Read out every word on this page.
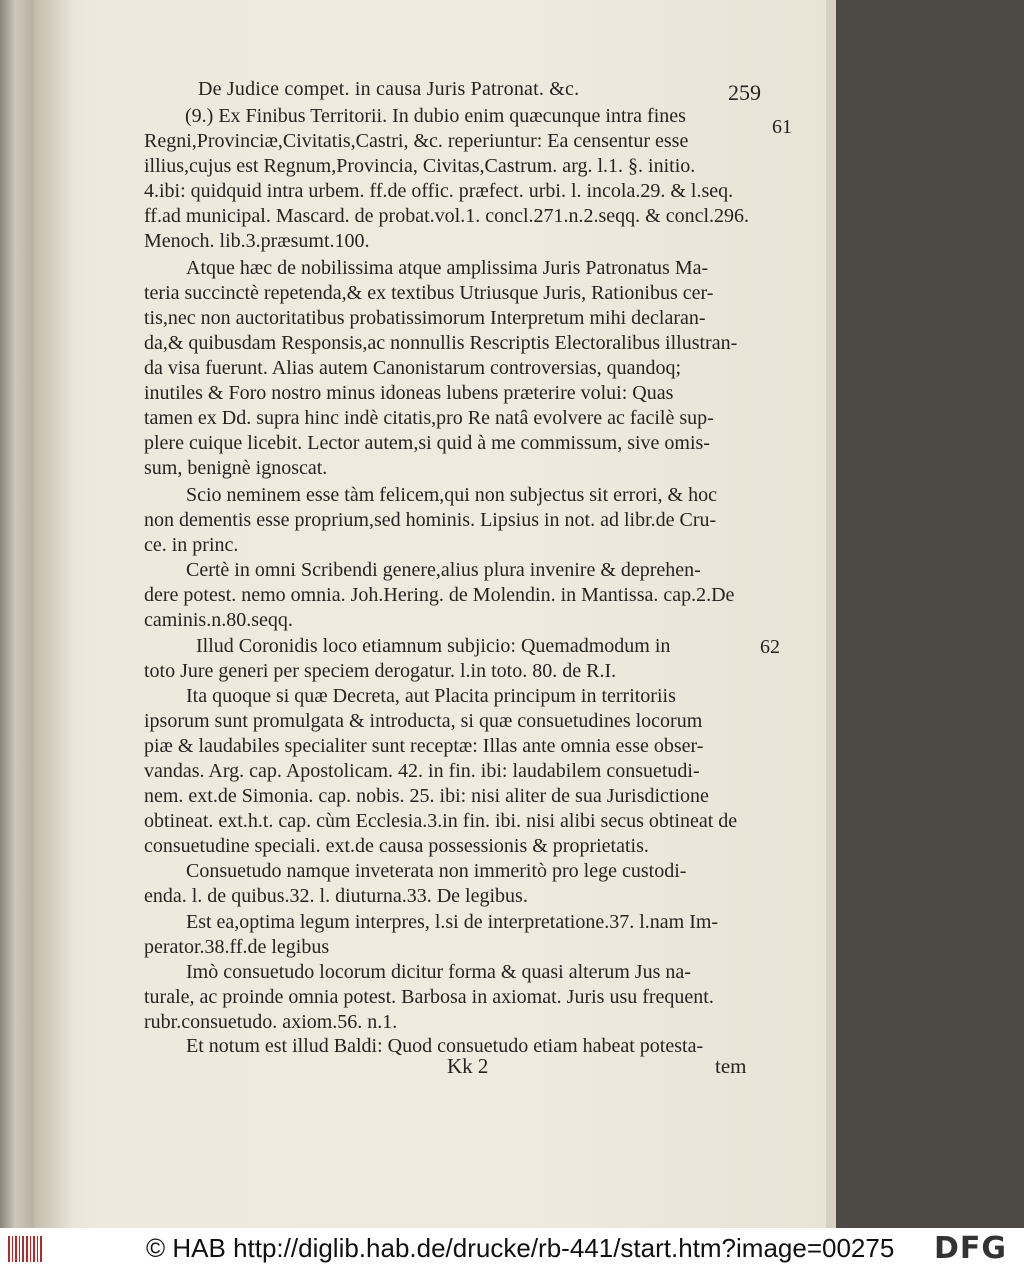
De Judice compet. in causa Juris Patronat. &c.	259
61
62
(9.) Ex Finibus Territorii. In dubio enim quæcunque intra fines
Regni,Provinciæ,Civitatis,Castri, &c. reperiuntur: Ea censentur esse
illius,cujus est Regnum,Provincia, Civitas,Castrum. arg. l.1. §. initio.
4.ibi: quidquid intra urbem. ff.de offic. præfect. urbi. l. incola.29. & l.seq.
ff.ad municipal. Mascard. de probat.vol.1. concl.271.n.2.seqq. & concl.296.
Menoch. lib.3.præsumt.100.
Atque hæc de nobilissima atque amplissima Juris Patronatus Ma-
teria succinctè repetenda,& ex textibus Utriusque Juris, Rationibus cer-
tis,nec non auctoritatibus probatissimorum Interpretum mihi declaran-
da,& quibusdam Responsis,ac nonnullis Rescriptis Electoralibus illustran-
da visa fuerunt. Alias autem Canonistarum controversias, quandoq;
inutiles & Foro nostro minus idoneas lubens præterire volui: Quas
tamen ex Dd. supra hinc indè citatis,pro Re natâ evolvere ac facilè sup-
plere cuique licebit. Lector autem,si quid à me commissum, sive omis-
sum, benignè ignoscat.
Scio neminem esse tàm felicem,qui non subjectus sit errori, & hoc
non dementis esse proprium,sed hominis. Lipsius in not. ad libr.de Cru-
ce. in princ.
Certè in omni Scribendi genere,alius plura invenire & deprehen-
dere potest. nemo omnia. Joh.Hering. de Molendin. in Mantissa. cap.2.De
caminis.n.80.seqq.
Illud Coronidis loco etiamnum subjicio: Quemadmodum in
toto Jure generi per speciem derogatur. l.in toto. 80. de R.I.
Ita quoque si quæ Decreta, aut Placita principum in territoriis
ipsorum sunt promulgata & introducta, si quæ consuetudines locorum
piæ & laudabiles specialiter sunt receptæ: Illas ante omnia esse obser-
vandas. Arg. cap. Apostolicam. 42. in fin. ibi: laudabilem consuetudi-
nem. ext.de Simonia. cap. nobis. 25. ibi: nisi aliter de sua Jurisdictione
obtineat. ext.h.t. cap. cùm Ecclesia.3.in fin. ibi. nisi alibi secus obtineat de
consuetudine speciali. ext.de causa possessionis & proprietatis.
Consuetudo namque inveterata non immeritò pro lege custodi-
enda. l. de quibus.32. l. diuturna.33. De legibus.
Est ea,optima legum interpres, l.si de interpretatione.37. l.nam Im-
perator.38.ff.de legibus
Imò consuetudo locorum dicitur forma & quasi alterum Jus na-
turale, ac proinde omnia potest. Barbosa in axiomat. Juris usu frequent.
rubr.consuetudo. axiom.56. n.1.
Et notum est illud Baldi: Quod consuetudo etiam habeat potesta-
Kk 2	tem
© HAB http://diglib.hab.de/drucke/rb-441/start.htm?image=00275 DFG
